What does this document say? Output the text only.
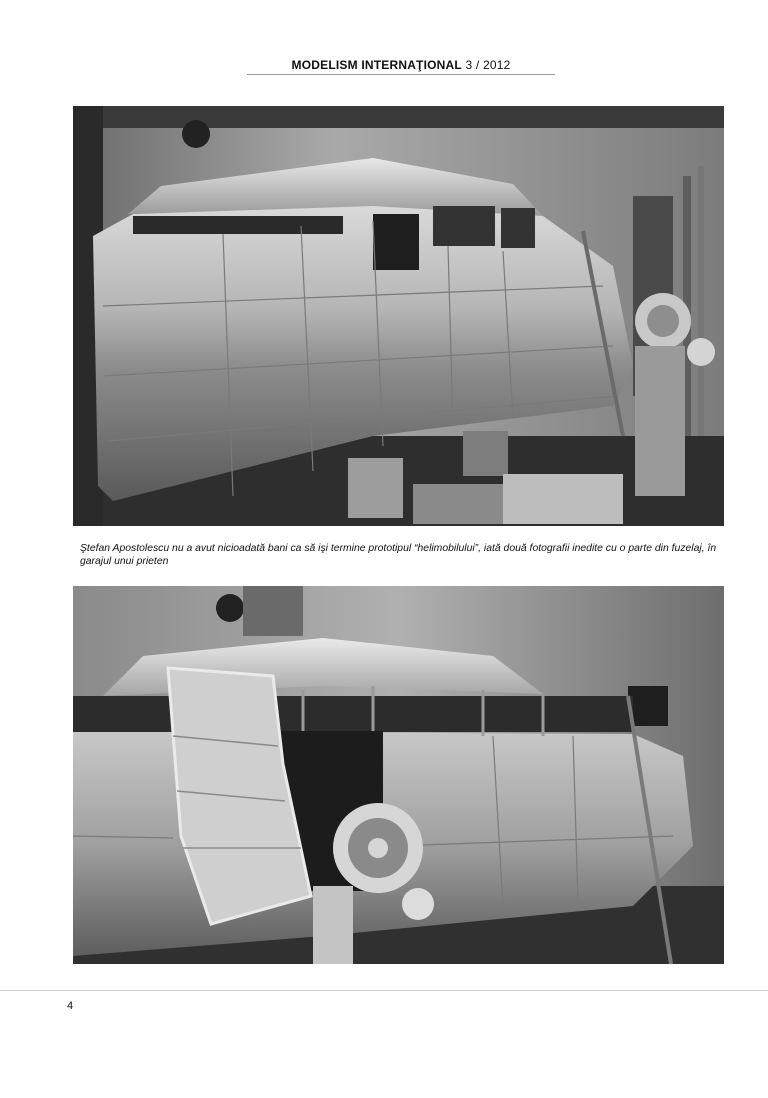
MODELISM INTERNAŢIONAL 3 / 2012
Ştefan Apostolescu nu a avut nicioadată bani ca să işi termine prototipul “helimobilului”, iată două fotografii inedite cu o parte din fuzelaj, în garajul unui prieten
4
